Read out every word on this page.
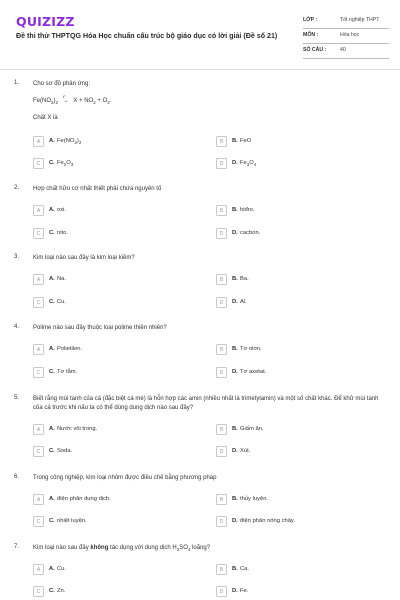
QUIZIZZ
Đề thi thử THPTQG Hóa Học chuẩn cấu trúc bộ giáo dục có lời giải (Đề số 21)
LỚP :	Tốt nghiệp THPT
MÔN :	Hóa học
SỐ CÂU :	40
1. Cho sơ đồ phản ứng:
$Fe(NO_3)_2$
t°
→ $X + NO_2 + O_2$.
Chất X là
A	A. $Fe(NO_3)_2$	B	B. FeO
C	C. $Fe_2O_3$	D	D. $Fe_3O_4$
2. Hợp chất hữu cơ nhất thiết phải chứa nguyên tố
A	A. oxi.	B	B. hiđro.
C	C. nito.	D	D. cacbon.
3. Kim loại nào sau đây là kim loại kiềm?
A	A. Na.	B	B. Ba.
C	C. Cu.	D	D. Al.
4. Polime nào sau đây thuộc loại polime thiên nhiên?
A	A. Polietilen.	B	B. Tơ olon.
C	C. Tơ tằm.	D	D. Tơ axetat.
5. Biết rằng mùi tanh của cá (đặc biệt cá mè) là hỗn hợp các amin (nhiều nhất là trimetylamin) và một số chất khác. Để khử mùi tanh của cá trước khi nấu ta có thể dùng dung dịch nào sau đây?
A	A. Nước vôi trong.	B	B. Giấm ăn.
C	C. Soda.	D	D. Xút.
6. Trong công nghiệp, kim loại nhôm được điều chế bằng phương pháp
A	A. điện phân dung dịch.	B	B. thủy luyện.
C	C. nhiệt luyện.	D	D. điện phân nóng chảy.
7. Kim loại nào sau đây không tác dụng với dung dịch $H_2SO_4$ loãng?
A	A. Cu.	B	B. Ca.
C	C. Zn.	D	D. Fe.
